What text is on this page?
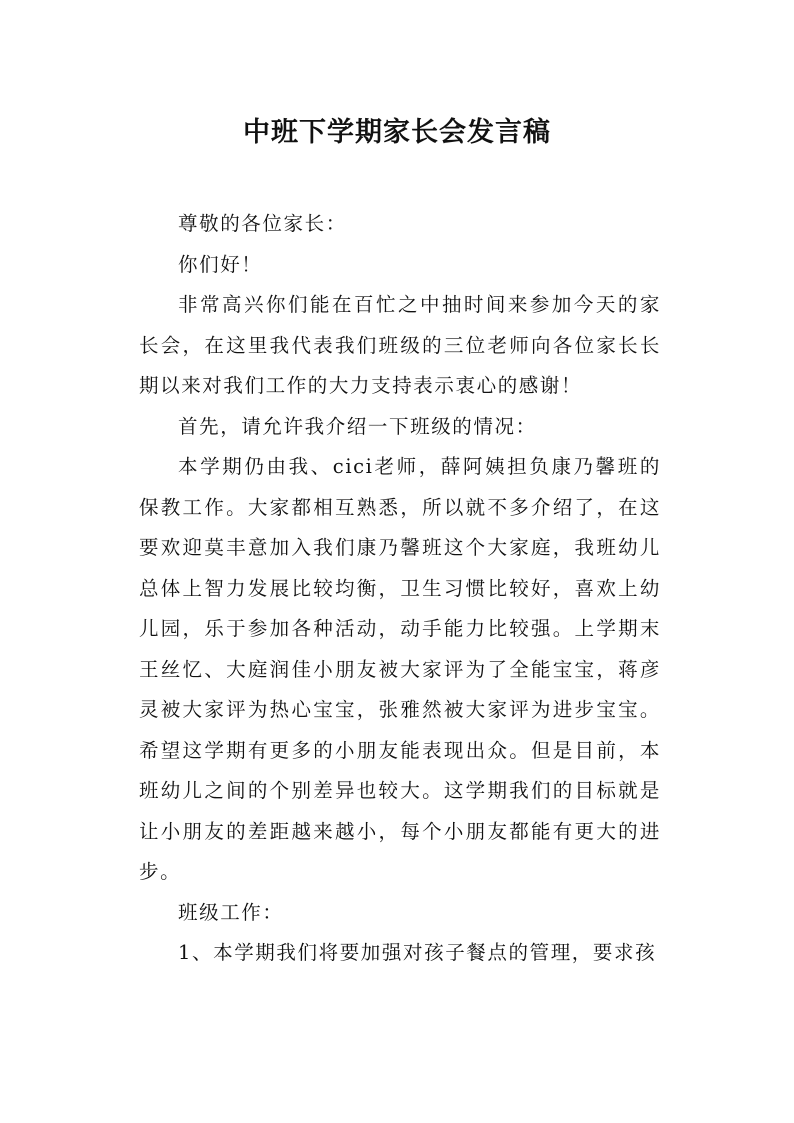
中班下学期家长会发言稿

尊敬的各位家长：

你们好！

非常高兴你们能在百忙之中抽时间来参加今天的家长会，在这里我代表我们班级的三位老师向各位家长长期以来对我们工作的大力支持表示衷心的感谢！

首先，请允许我介绍一下班级的情况：

本学期仍由我、cici老师，薛阿姨担负康乃馨班的保教工作。大家都相互熟悉，所以就不多介绍了，在这要欢迎莫丰意加入我们康乃馨班这个大家庭，我班幼儿总体上智力发展比较均衡，卫生习惯比较好，喜欢上幼儿园，乐于参加各种活动，动手能力比较强。上学期末王丝忆、大庭润佳小朋友被大家评为了全能宝宝，蒋彦灵被大家评为热心宝宝，张雅然被大家评为进步宝宝。希望这学期有更多的小朋友能表现出众。但是目前，本班幼儿之间的个别差异也较大。这学期我们的目标就是让小朋友的差距越来越小，每个小朋友都能有更大的进步。

班级工作：

1、本学期我们将要加强对孩子餐点的管理，要求孩
